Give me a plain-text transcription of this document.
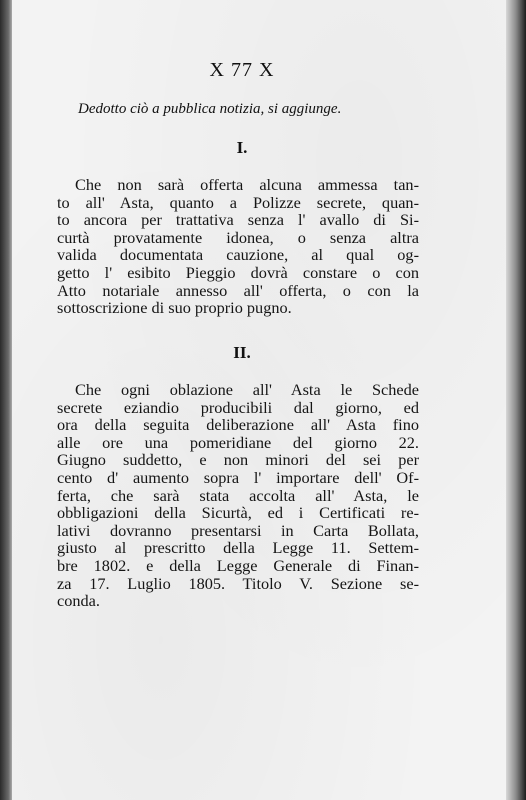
X 77 X
Dedotto ciò a pubblica notizia, si aggiunge.
I.
Che non sarà offerta alcuna ammessa tan-
to all' Asta, quanto a Polizze secrete, quan-
to ancora per trattativa senza l' avallo di Si-
curtà provatamente idonea, o senza altra
valida documentata cauzione, al qual og-
getto l' esibito Pieggio dovrà constare o con
Atto notariale annesso all' offerta, o con la
sottoscrizione di suo proprio pugno.
II.
Che ogni oblazione all' Asta le Schede
secrete eziandio producibili dal giorno, ed
ora della seguita deliberazione all' Asta fino
alle ore una pomeridiane del giorno 22.
Giugno suddetto, e non minori del sei per
cento d' aumento sopra l' importare dell' Of-
ferta, che sarà stata accolta all' Asta, le
obbligazioni della Sicurtà, ed i Certificati re-
lativi dovranno presentarsi in Carta Bollata,
giusto al prescritto della Legge 11. Settem-
bre 1802. e della Legge Generale di Finan-
za 17. Luglio 1805. Titolo V. Sezione se-
conda.
